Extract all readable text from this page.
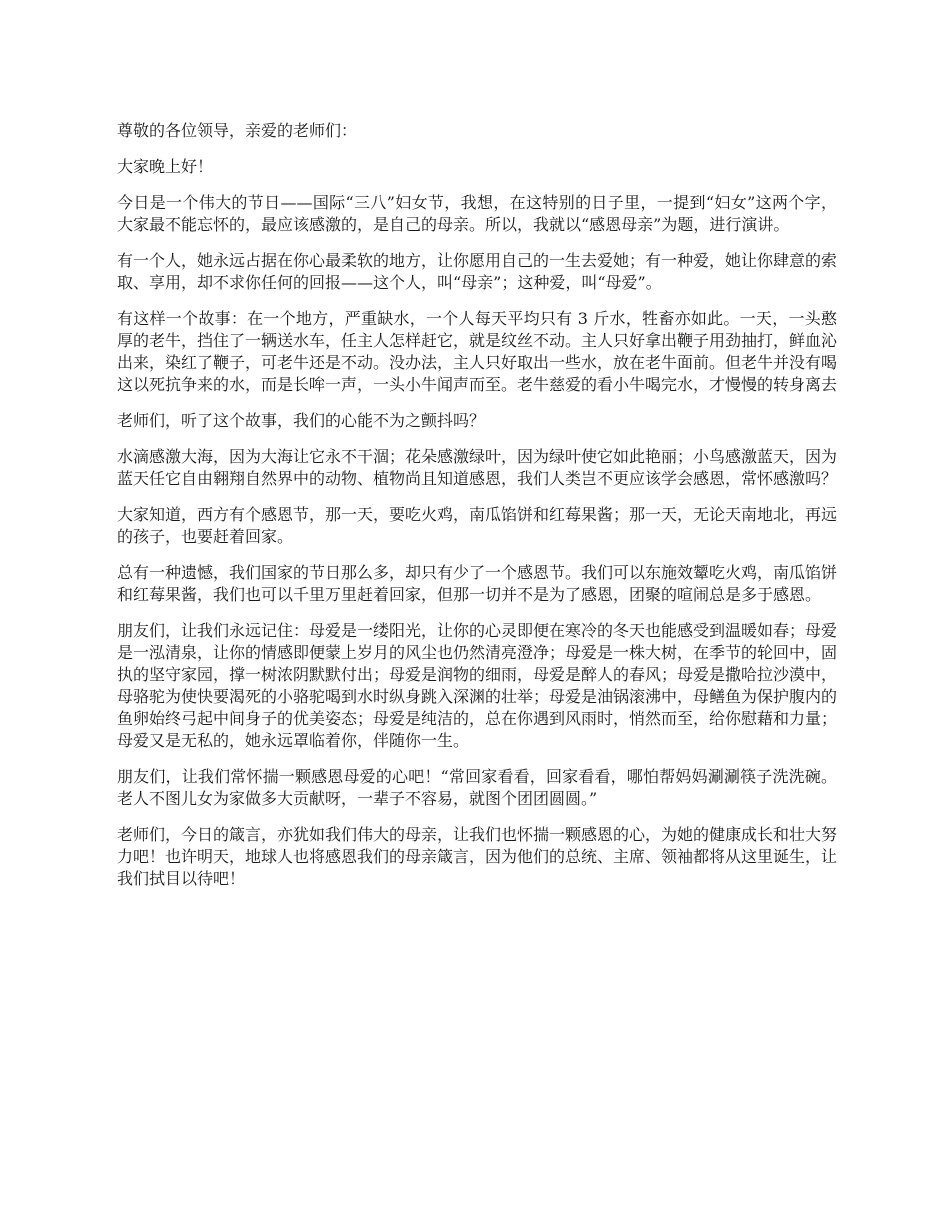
尊敬的各位领导，亲爱的老师们：

大家晚上好！

今日是一个伟大的节日——国际“三八”妇女节，我想，在这特别的日子里，一提到“妇女”这两个字，大家最不能忘怀的，最应该感激的，是自己的母亲。所以，我就以“感恩母亲”为题，进行演讲。

有一个人，她永远占据在你心最柔软的地方，让你愿用自己的一生去爱她；有一种爱，她让你肆意的索取、享用，却不求你任何的回报——这个人，叫“母亲”；这种爱，叫“母爱”。

有这样一个故事：在一个地方，严重缺水，一个人每天平均只有 3 斤水，牲畜亦如此。一天，一头憨厚的老牛，挡住了一辆送水车，任主人怎样赶它，就是纹丝不动。主人只好拿出鞭子用劲抽打，鲜血沁出来，染红了鞭子，可老牛还是不动。没办法，主人只好取出一些水，放在老牛面前。但老牛并没有喝这以死抗争来的水，而是长哞一声，一头小牛闻声而至。老牛慈爱的看小牛喝完水，才慢慢的转身离去

老师们，听了这个故事，我们的心能不为之颤抖吗？

水滴感激大海，因为大海让它永不干涸；花朵感激绿叶，因为绿叶使它如此艳丽；小鸟感激蓝天，因为蓝天任它自由翱翔自然界中的动物、植物尚且知道感恩，我们人类岂不更应该学会感恩，常怀感激吗？

大家知道，西方有个感恩节，那一天，要吃火鸡，南瓜馅饼和红莓果酱；那一天，无论天南地北，再远的孩子，也要赶着回家。

总有一种遗憾，我们国家的节日那么多，却只有少了一个感恩节。我们可以东施效颦吃火鸡，南瓜馅饼和红莓果酱，我们也可以千里万里赶着回家，但那一切并不是为了感恩，团聚的喧闹总是多于感恩。

朋友们，让我们永远记住：母爱是一缕阳光，让你的心灵即便在寒冷的冬天也能感受到温暖如春；母爱是一泓清泉，让你的情感即便蒙上岁月的风尘也仍然清亮澄净；母爱是一株大树，在季节的轮回中，固执的坚守家园，撑一树浓阴默默付出；母爱是润物的细雨，母爱是醉人的春风；母爱是撒哈拉沙漠中，母骆驼为使快要渴死的小骆驼喝到水时纵身跳入深渊的壮举；母爱是油锅滚沸中，母鳝鱼为保护腹内的鱼卵始终弓起中间身子的优美姿态；母爱是纯洁的，总在你遇到风雨时，悄然而至，给你慰藉和力量；母爱又是无私的，她永远罩临着你，伴随你一生。

朋友们，让我们常怀揣一颗感恩母爱的心吧！“常回家看看，回家看看，哪怕帮妈妈涮涮筷子洗洗碗。老人不图儿女为家做多大贡献呀，一辈子不容易，就图个团团圆圆。”

老师们，今日的箴言，亦犹如我们伟大的母亲，让我们也怀揣一颗感恩的心，为她的健康成长和壮大努力吧！也许明天，地球人也将感恩我们的母亲箴言，因为他们的总统、主席、领袖都将从这里诞生，让我们拭目以待吧！
